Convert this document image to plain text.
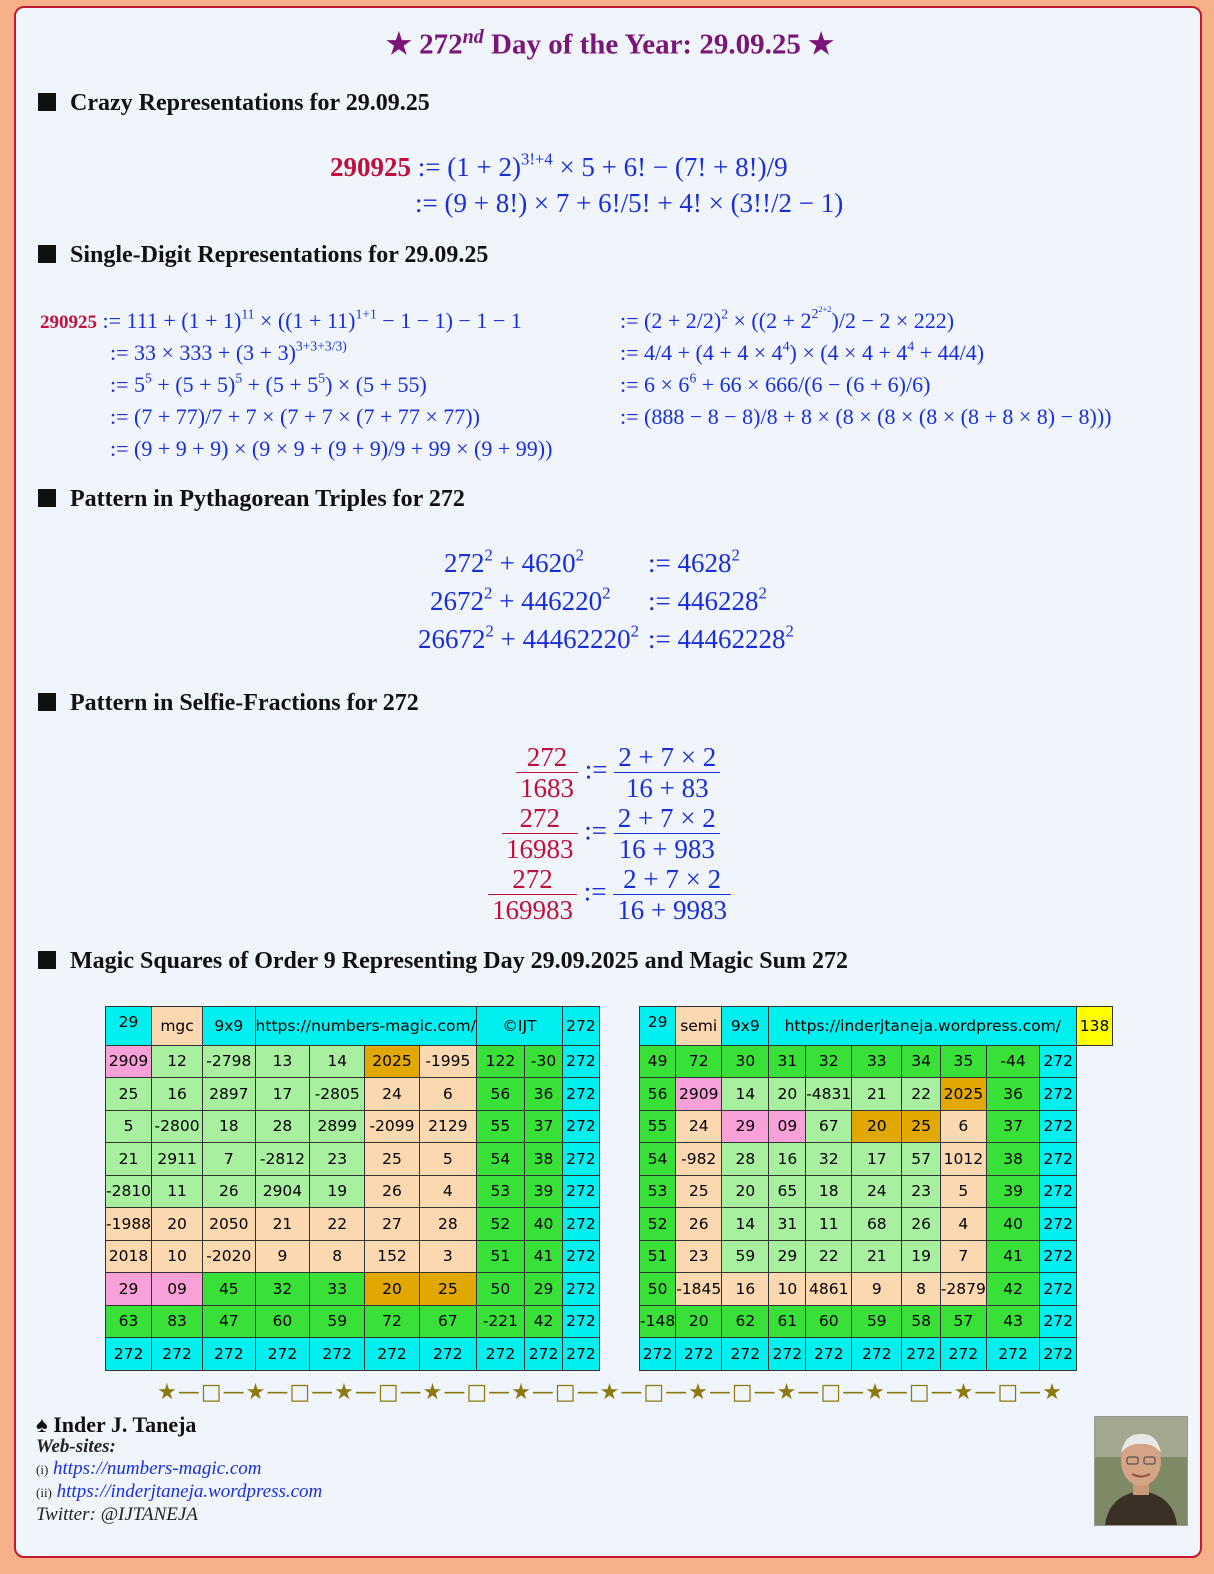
★ 272nd Day of the Year: 29.09.25 ★
Crazy Representations for 29.09.25
290925 := $(1 + 2)^{3!+4} \times 5 + 6$! − (7! + 8!)/9
:= (9 + 8!) × 7 + 6!/5! + 4! × (3!!/2 − 1)
Single-Digit Representations for 29.09.25
290925 := $111 + (1 + 1)^{11} \times ((1 + 11)^{1+1} - 1 - 1) - 1 - 1$
:= $33 \times 333 + (3 + 3)^{3+3+3/3)}$
:= $5^5 + (5 + 5)^5 + (5 + 5^5) \times (5 + 55)$
:= (7 + 77)/7 + 7 × (7 + 7 × (7 + 77 × 77))
:= (9 + 9 + 9) × (9 × 9 + (9 + 9)/9 + 99 × (9 + 99))
:= $(2 + 2/2)^2 \times ((2 + 2^{2^{2+2}})/2 - 2 \times 222)$
:= $4/4 + (4 + 4 \times 4^4) \times (4 \times 4 + 4^4 + 44/4)$
:= $6 \times 6^6 + 66 \times 666/(6 - (6 + 6)/6)$
:= (888 − 8 − 8)/8 + 8 × (8 × (8 × (8 × (8 + 8 × 8) − 8)))
Pattern in Pythagorean Triples for 272
$272^2 + 4620^2$ := $4628^2$
$2672^2 + 446220^2$ := $446228^2$
$26672^2 + 44462220^2$ := $44462228^2$
Pattern in Selfie-Fractions for 272
$\frac{272}{1683}$ := $\frac{2 + 7 \times 2}{16 + 83}$
$\frac{272}{16983}$ := $\frac{2 + 7 \times 2}{16 + 983}$
$\frac{272}{169983}$ := $\frac{2 + 7 \times 2}{16 + 9983}$
Magic Squares of Order 9 Representing Day 29.09.2025 and Magic Sum 272
29	mgc	9x9	https://numbers-magic.com/				©IJT		272
2909	12	-2798	13	14	2025	-1995	122	-30	272
25	16	2897	17	-2805	24	6	56	36	272
5	-2800	18	28	2899	-2099	2129	55	37	272
21	2911	7	-2812	23	25	5	54	38	272
-2810	11	26	2904	19	26	4	53	39	272
-1988	20	2050	21	22	27	28	52	40	272
2018	10	-2020	9	8	152	3	51	41	272
29	09	45	32	33	20	25	50	29	272
63	83	47	60	59	72	67	-221	42	272
272	272	272	272	272	272	272	272	272	272
29	semi	9x9	https://inderjtaneja.wordpress.com/							138
49	72	30	31	32	33	34	35	-44	272	
56	2909	14	20	-4831	21	22	2025	36	272	
55	24	29	09	67	20	25	6	37	272	
54	-982	28	16	32	17	57	1012	38	272	
53	25	20	65	18	24	23	5	39	272	
52	26	14	31	11	68	26	4	40	272	
51	23	59	29	22	21	19	7	41	272	
50	-1845	16	10	4861	9	8	-2879	42	272	
-148	20	62	61	60	59	58	57	43	272	
272	272	272	272	272	272	272	272	272	272	
★—□—★—□—★—□—★—□—★—□—★—□—★—□—★—□—★—□—★—□—★
♠ Inder J. Taneja
Web-sites:
(i) https://numbers-magic.com
(ii) https://inderjtaneja.wordpress.com
Twitter: @IJTANEJA
